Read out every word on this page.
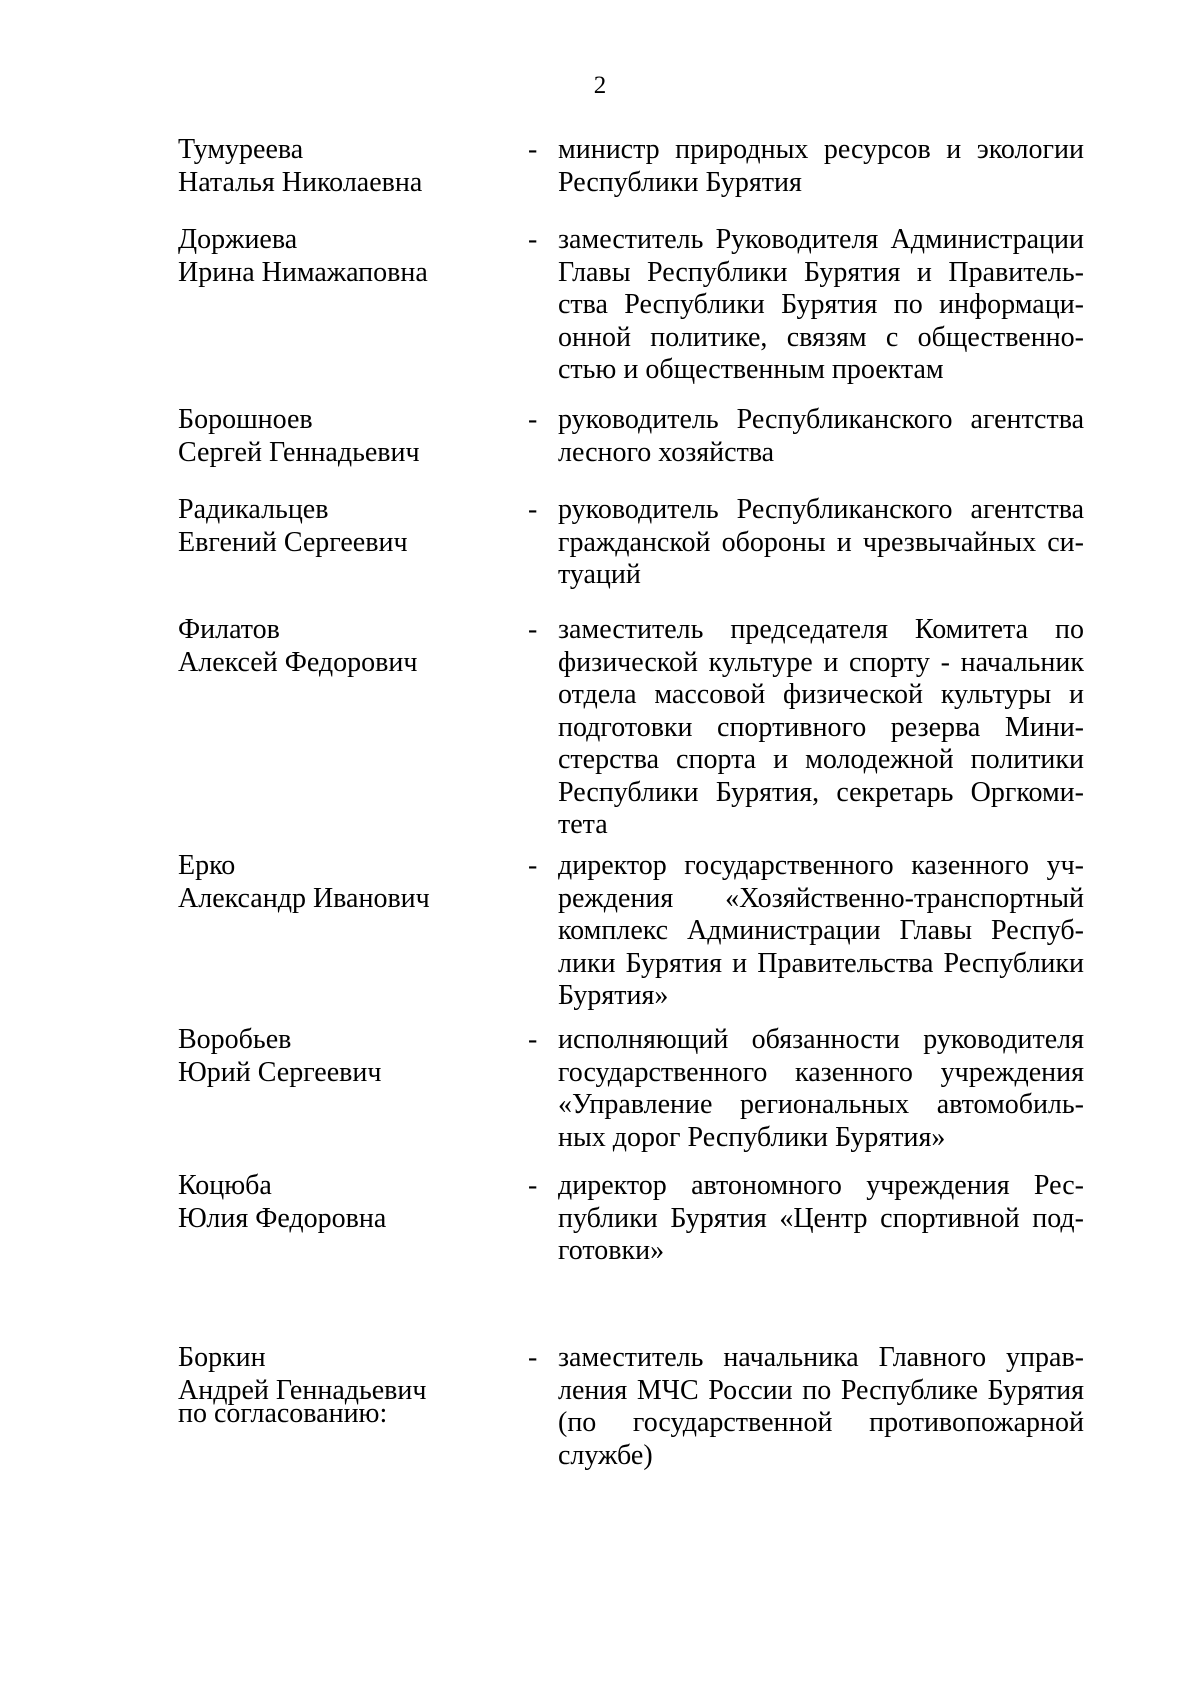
2
Тумуреева
Наталья Николаевна
- министр природных ресурсов и экологии
Республики Бурятия
Доржиева
Ирина Нимажаповна
- заместитель Руководителя Администрации
Главы Республики Бурятия и Правитель-
ства Республики Бурятия по информаци-
онной политике, связям с общественно-
стью и общественным проектам
Борошноев
Сергей Геннадьевич
- руководитель Республиканского агентства
лесного хозяйства
Радикальцев
Евгений Сергеевич
- руководитель Республиканского агентства
гражданской обороны и чрезвычайных си-
туаций
Филатов
Алексей Федорович
- заместитель председателя Комитета по
физической культуре и спорту - начальник
отдела массовой физической культуры и
подготовки спортивного резерва Мини-
стерства спорта и молодежной политики
Республики Бурятия, секретарь Оргкоми-
тета
Ерко
Александр Иванович
- директор государственного казенного уч-
реждения «Хозяйственно-транспортный
комплекс Администрации Главы Респуб-
лики Бурятия и Правительства Республики
Бурятия»
Воробьев
Юрий Сергеевич
- исполняющий обязанности руководителя
государственного казенного учреждения
«Управление региональных автомобиль-
ных дорог Республики Бурятия»
Коцюба
Юлия Федоровна
- директор автономного учреждения Рес-
публики Бурятия «Центр спортивной под-
готовки»
Боркин
Андрей Геннадьевич
- заместитель начальника Главного управ-
ления МЧС России по Республике Бурятия
(по государственной противопожарной
службе)
по согласованию:
